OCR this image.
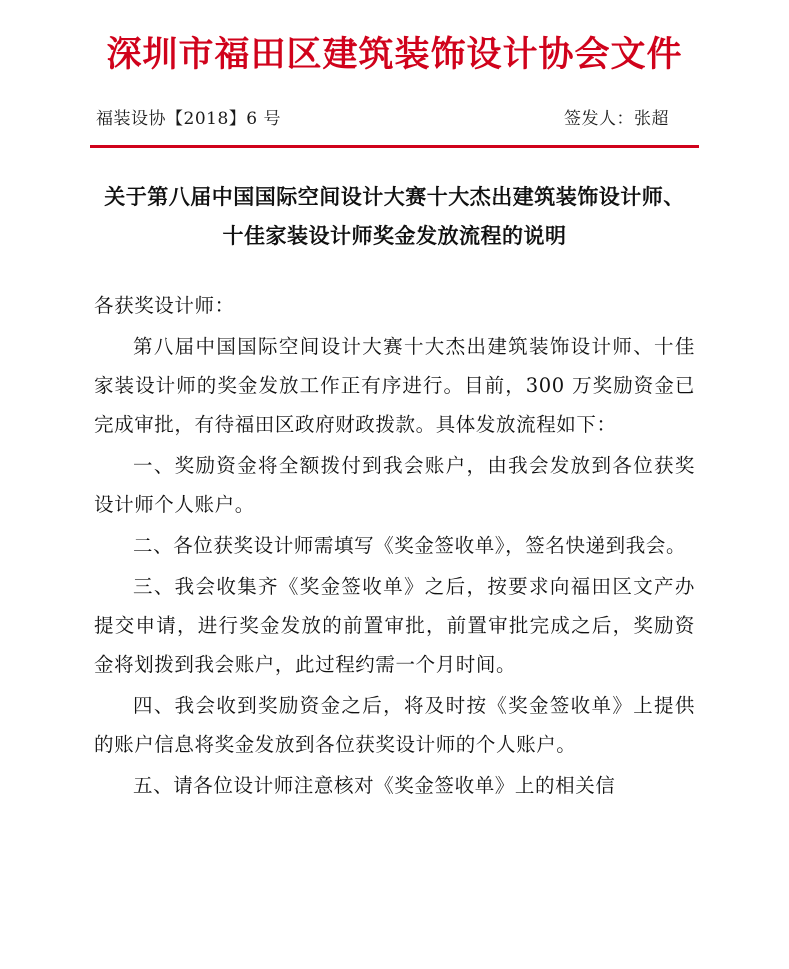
深圳市福田区建筑装饰设计协会文件
福装设协【2018】6 号	签发人：张超
关于第八届中国国际空间设计大赛十大杰出建筑装饰设计师、十佳家装设计师奖金发放流程的说明

各获奖设计师：

第八届中国国际空间设计大赛十大杰出建筑装饰设计师、十佳家装设计师的奖金发放工作正有序进行。目前，300 万奖励资金已完成审批，有待福田区政府财政拨款。具体发放流程如下：

一、奖励资金将全额拨付到我会账户，由我会发放到各位获奖设计师个人账户。

二、各位获奖设计师需填写《奖金签收单》，签名快递到我会。

三、我会收集齐《奖金签收单》之后，按要求向福田区文产办提交申请，进行奖金发放的前置审批，前置审批完成之后，奖励资金将划拨到我会账户，此过程约需一个月时间。

四、我会收到奖励资金之后，将及时按《奖金签收单》上提供的账户信息将奖金发放到各位获奖设计师的个人账户。

五、请各位设计师注意核对《奖金签收单》上的相关信
